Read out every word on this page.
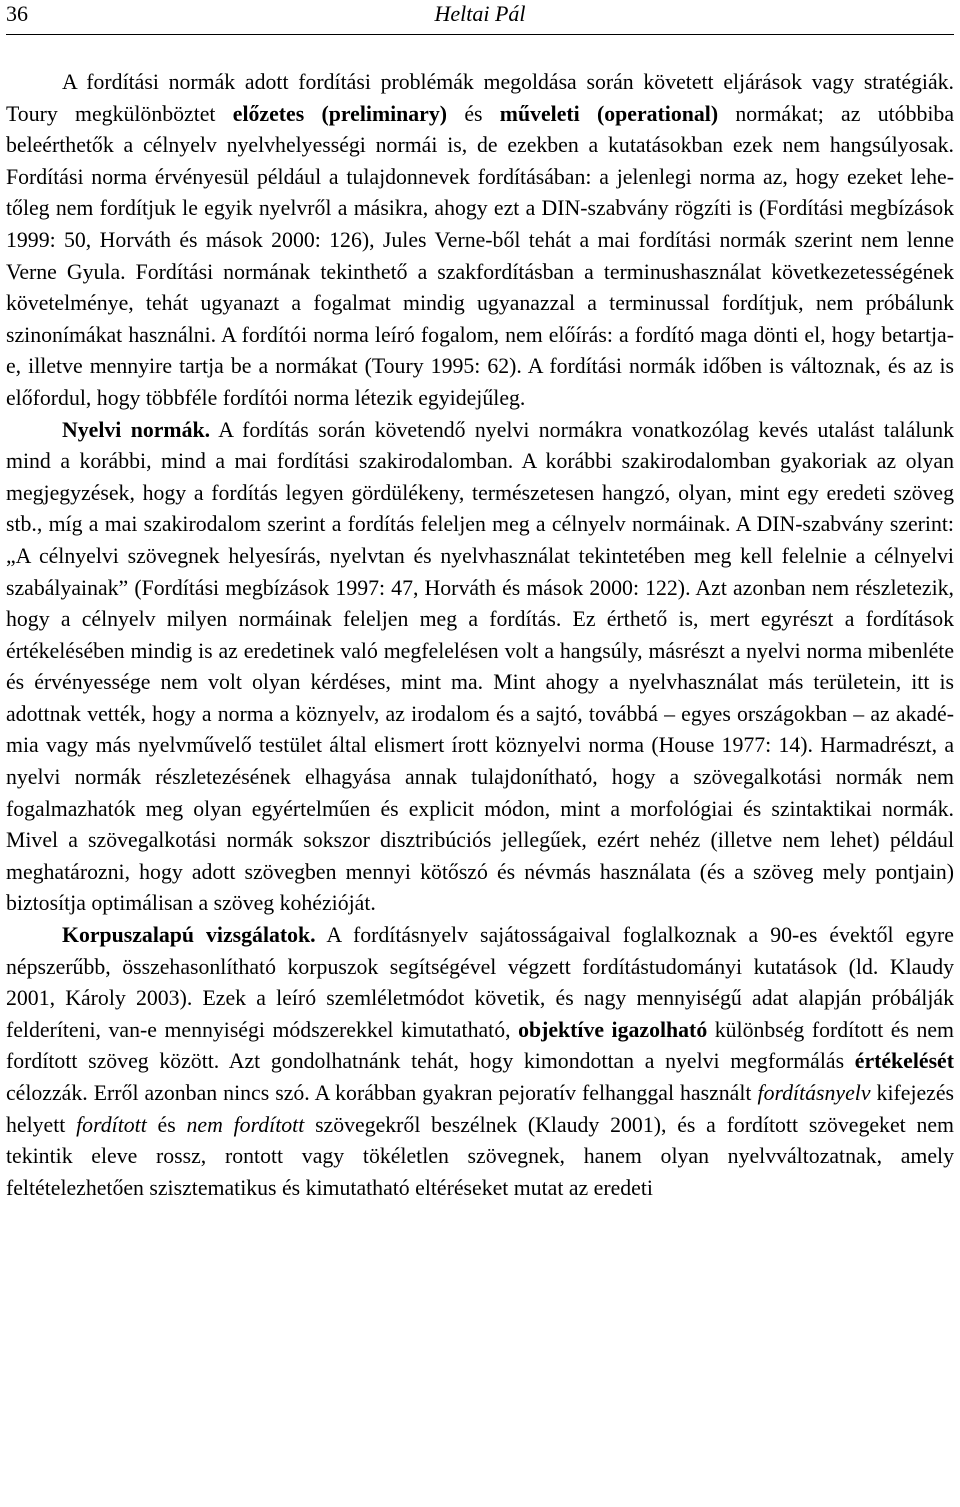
36	Heltai Pál

A fordítási normák adott fordítási problémák megoldása során követett eljárások vagy stratégiák. Toury megkülönböztet előzetes (preliminary) és műveleti (operational) normákat; az utóbbiba beleérthetők a célnyelv nyelvhelyességi normái is, de ezekben a kutatásokban ezek nem hangsúlyosak. Fordítási norma érvényesül például a tulajdonnevek fordításában: a jelenlegi norma az, hogy ezeket lehetőleg nem fordítjuk le egyik nyelvről a másikra, ahogy ezt a DIN-szabvány rögzíti is (Fordítási megbízások 1999: 50, Horváth és mások 2000: 126), Jules Verne-ből tehát a mai fordítási normák szerint nem lenne Verne Gyula. Fordítási normának tekinthető a szakfordításban a terminushasználat következetességének követelménye, tehát ugyanazt a fogalmat mindig ugyanazzal a terminussal fordítjuk, nem próbálunk szinonímákat használni. A fordítói norma leíró fogalom, nem előírás: a fordító maga dönti el, hogy betartja-e, illetve mennyire tartja be a normákat (Toury 1995: 62). A fordítási normák időben is változnak, és az is előfordul, hogy többféle fordítói norma létezik egyidejűleg.

Nyelvi normák. A fordítás során követendő nyelvi normákra vonatkozólag kevés utalást találunk mind a korábbi, mind a mai fordítási szakirodalomban. A korábbi szakirodalomban gyakoriak az olyan megjegyzések, hogy a fordítás legyen gördülékeny, természetesen hangzó, olyan, mint egy eredeti szöveg stb., míg a mai szakirodalom szerint a fordítás feleljen meg a célnyelv normáinak. A DIN-szabvány szerint: „A célnyelvi szövegnek helyesírás, nyelvtan és nyelvhasználat tekintetében meg kell felelnie a célnyelvi szabályainak” (Fordítási megbízások 1997: 47, Horváth és mások 2000: 122). Azt azonban nem részletezik, hogy a célnyelv milyen normáinak feleljen meg a fordítás. Ez érthető is, mert egyrészt a fordítások értékelésében mindig is az eredetinek való megfelelésen volt a hangsúly, másrészt a nyelvi norma mibenléte és érvényessége nem volt olyan kérdéses, mint ma. Mint ahogy a nyelvhasználat más területein, itt is adottnak vették, hogy a norma a köznyelv, az irodalom és a sajtó, továbbá – egyes országokban – az akadémia vagy más nyelvművelő testület által elismert írott köznyelvi norma (House 1977: 14). Harmadrészt, a nyelvi normák részletezésének elhagyása annak tulajdonítható, hogy a szövegalkotási normák nem fogalmazhatók meg olyan egyértelműen és explicit módon, mint a morfológiai és szintaktikai normák. Mivel a szövegalkotási normák sokszor disztribúciós jellegűek, ezért nehéz (illetve nem lehet) például meghatározni, hogy adott szövegben mennyi kötőszó és névmás használata (és a szöveg mely pontjain) biztosítja optimálisan a szöveg kohézióját.

Korpuszalapú vizsgálatok. A fordításnyelv sajátosságaival foglalkoznak a 90-es évektől egyre népszerűbb, összehasonlítható korpuszok segítségével végzett fordítástudományi kutatások (ld. Klaudy 2001, Károly 2003). Ezek a leíró szemléletmódot követik, és nagy mennyiségű adat alapján próbálják felderíteni, van-e mennyiségi módszerekkel kimutatható, objektíve igazolható különbség fordított és nem fordított szöveg között. Azt gondolhatnánk tehát, hogy kimondottan a nyelvi megformálás értékelését célozzák. Erről azonban nincs szó. A korábban gyakran pejoratív felhanggal használt fordításnyelv kifejezés helyett fordított és nem fordított szövegekről beszélnek (Klaudy 2001), és a fordított szövegeket nem tekintik eleve rossz, rontott vagy tökéletlen szövegnek, hanem olyan nyelvváltozatnak, amely feltételezhetően szisztematikus és kimutatható eltéréseket mutat az eredeti
